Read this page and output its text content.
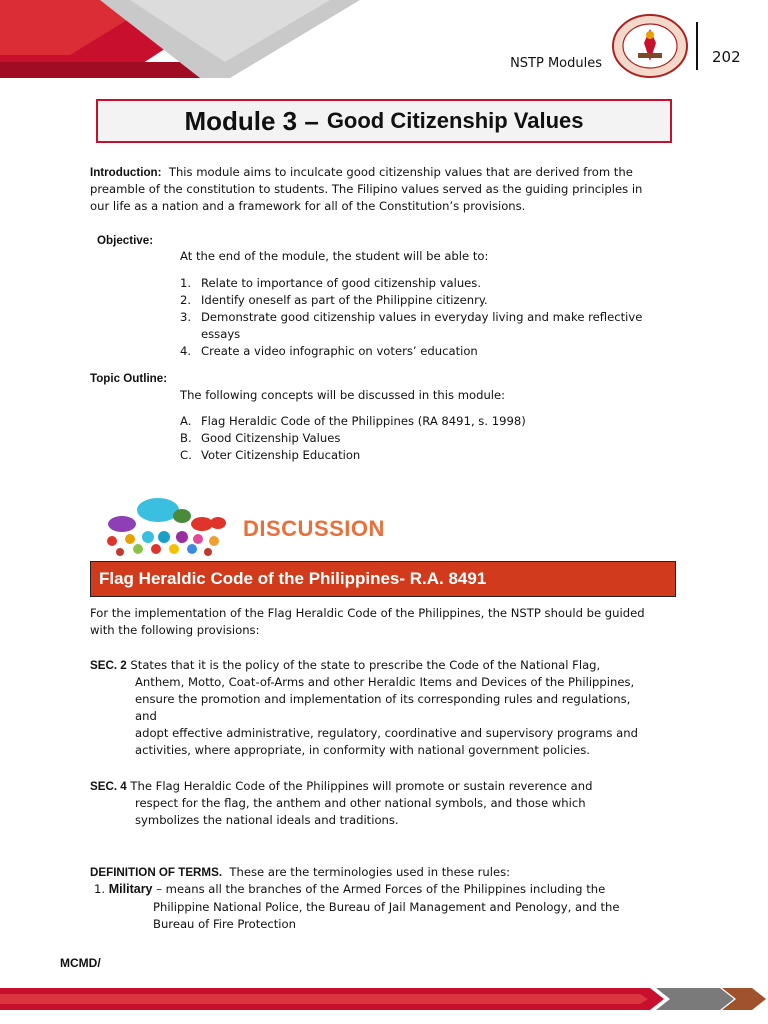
NSTP Modules	202
Module 3 – Good Citizenship Values
Introduction: This module aims to inculcate good citizenship values that are derived from the
preamble of the constitution to students. The Filipino values served as the guiding principles in
our life as a nation and a framework for all of the Constitution’s provisions.
Objective:
At the end of the module, the student will be able to:
1. Relate to importance of good citizenship values.
2. Identify oneself as part of the Philippine citizenry.
3. Demonstrate good citizenship values in everyday living and make reflective essays
4. Create a video infographic on voters’ education
Topic Outline:
The following concepts will be discussed in this module:
A. Flag Heraldic Code of the Philippines (RA 8491, s. 1998)
B. Good Citizenship Values
C. Voter Citizenship Education
DISCUSSION
Flag Heraldic Code of the Philippines- R.A. 8491
For the implementation of the Flag Heraldic Code of the Philippines, the NSTP should be guided
with the following provisions:
SEC. 2 States that it is the policy of the state to prescribe the Code of the National Flag,
Anthem, Motto, Coat-of-Arms and other Heraldic Items and Devices of the Philippines,
ensure the promotion and implementation of its corresponding rules and regulations,
and
adopt effective administrative, regulatory, coordinative and supervisory programs and
activities, where appropriate, in conformity with national government policies.
SEC. 4 The Flag Heraldic Code of the Philippines will promote or sustain reverence and
respect for the flag, the anthem and other national symbols, and those which
symbolizes the national ideals and traditions.
DEFINITION OF TERMS. These are the terminologies used in these rules:
1. Military – means all the branches of the Armed Forces of the Philippines including the
Philippine National Police, the Bureau of Jail Management and Penology, and the
Bureau of Fire Protection
MCMD/
